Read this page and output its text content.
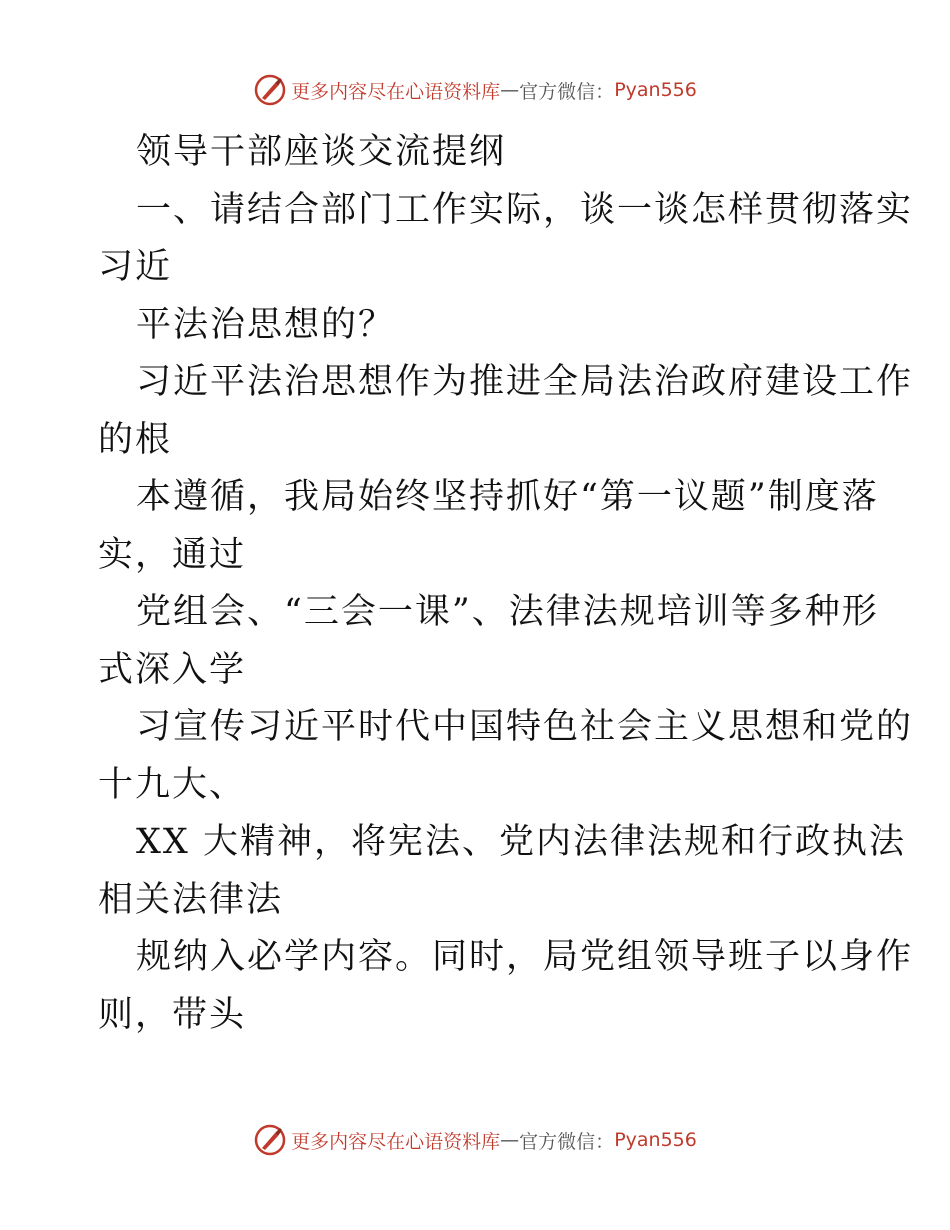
更多内容尽在心语资料库 — 官方微信： Pyan556
领导干部座谈交流提纲
一、请结合部门工作实际，谈一谈怎样贯彻落实
习近
平法治思想的？
习近平法治思想作为推进全局法治政府建设工作
的根
本遵循，我局始终坚持抓好“第一议题”制度落
实，通过
党组会、“三会一课”、法律法规培训等多种形
式深入学
习宣传习近平时代中国特色社会主义思想和党的
十九大、
XX 大精神，将宪法、党内法律法规和行政执法
相关法律法
规纳入必学内容。同时，局党组领导班子以身作
则，带头
更多内容尽在心语资料库 — 官方微信： Pyan556
